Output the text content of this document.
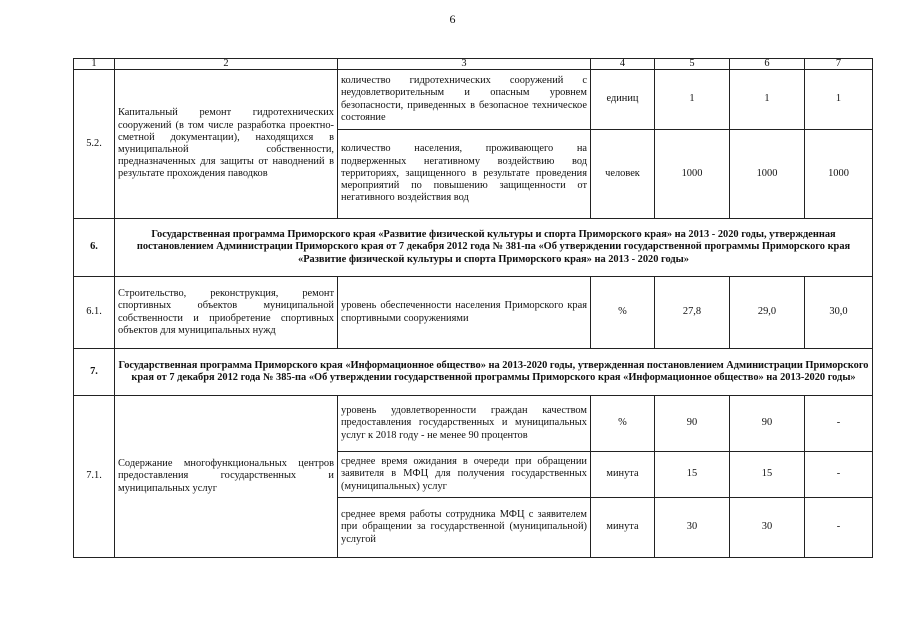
6
1	2	3	4	5	6	7
5.2.	Капитальный ремонт гидротехнических сооружений (в том числе разработка проектно-сметной документации), находящихся в муниципальной собственности, предназначенных для защиты от наводнений в результате прохождения паводков	количество гидротехнических сооружений с неудовлетворительным и опасным уровнем безопасности, приведенных в безопасное техническое состояние	единиц	1	1	1
		количество населения, проживающего на подверженных негативному воздействию вод территориях, защищенного в результате проведения мероприятий по повышению защищенности от негативного воздействия вод	человек	1000	1000	1000
6.	Государственная программа Приморского края «Развитие физической культуры и спорта Приморского края» на 2013 - 2020 годы, утвержденная постановлением Администрации Приморского края от 7 декабря 2012 года № 381-па «Об утверждении государственной программы Приморского края «Развитие физической культуры и спорта Приморского края» на 2013 - 2020 годы»					
6.1.	Строительство, реконструкция, ремонт спортивных объектов муниципальной собственности и приобретение спортивных объектов для муниципальных нужд	уровень обеспеченности населения Приморского края спортивными сооружениями	%	27,8	29,0	30,0
7.	Государственная программа Приморского края «Информационное общество» на 2013-2020 годы, утвержденная постановлением Администрации Приморского края от 7 декабря 2012 года № 385-па «Об утверждении государственной программы Приморского края «Информационное общество» на 2013-2020 годы»					
7.1.	Содержание многофункциональных центров предоставления государственных и муниципальных услуг	уровень удовлетворенности граждан качеством предоставления государственных и муниципальных услуг к 2018 году - не менее 90 процентов	%	90	90	-
		среднее время ожидания в очереди при обращении заявителя в МФЦ для получения государственных (муниципальных) услуг	минута	15	15	-
		среднее время работы сотрудника МФЦ с заявителем при обращении за государственной (муниципальной) услугой	минута	30	30	-
